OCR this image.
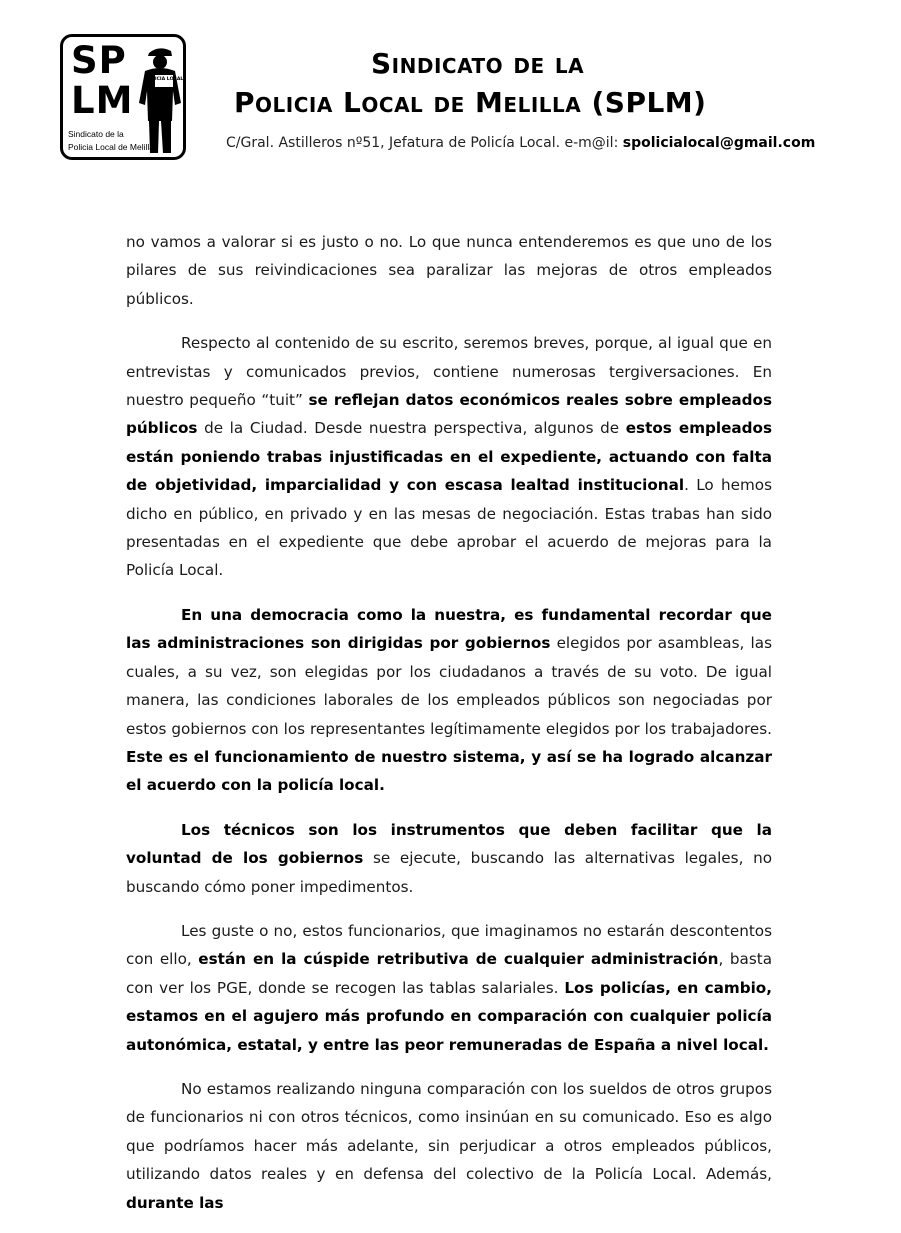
SP
LM POLICIA LOCAL
Sindicato de la
Policia Local de Melilla
Sindicato de la
Policia Local de Melilla (SPLM)
C/Gral. Astilleros nº51, Jefatura de Policía Local. e-m@il: spolicialocal@gmail.com

no vamos a valorar si es justo o no. Lo que nunca entenderemos es que uno de los pilares de sus reivindicaciones sea paralizar las mejoras de otros empleados públicos.

Respecto al contenido de su escrito, seremos breves, porque, al igual que en entrevistas y comunicados previos, contiene numerosas tergiversaciones. En nuestro pequeño “tuit” se reflejan datos económicos reales sobre empleados públicos de la Ciudad. Desde nuestra perspectiva, algunos de estos empleados están poniendo trabas injustificadas en el expediente, actuando con falta de objetividad, imparcialidad y con escasa lealtad institucional. Lo hemos dicho en público, en privado y en las mesas de negociación. Estas trabas han sido presentadas en el expediente que debe aprobar el acuerdo de mejoras para la Policía Local.

En una democracia como la nuestra, es fundamental recordar que las administraciones son dirigidas por gobiernos elegidos por asambleas, las cuales, a su vez, son elegidas por los ciudadanos a través de su voto. De igual manera, las condiciones laborales de los empleados públicos son negociadas por estos gobiernos con los representantes legítimamente elegidos por los trabajadores. Este es el funcionamiento de nuestro sistema, y así se ha logrado alcanzar el acuerdo con la policía local.

Los técnicos son los instrumentos que deben facilitar que la voluntad de los gobiernos se ejecute, buscando las alternativas legales, no buscando cómo poner impedimentos.

Les guste o no, estos funcionarios, que imaginamos no estarán descontentos con ello, están en la cúspide retributiva de cualquier administración, basta con ver los PGE, donde se recogen las tablas salariales. Los policías, en cambio, estamos en el agujero más profundo en comparación con cualquier policía autonómica, estatal, y entre las peor remuneradas de España a nivel local.

No estamos realizando ninguna comparación con los sueldos de otros grupos de funcionarios ni con otros técnicos, como insinúan en su comunicado. Eso es algo que podríamos hacer más adelante, sin perjudicar a otros empleados públicos, utilizando datos reales y en defensa del colectivo de la Policía Local. Además, durante las
